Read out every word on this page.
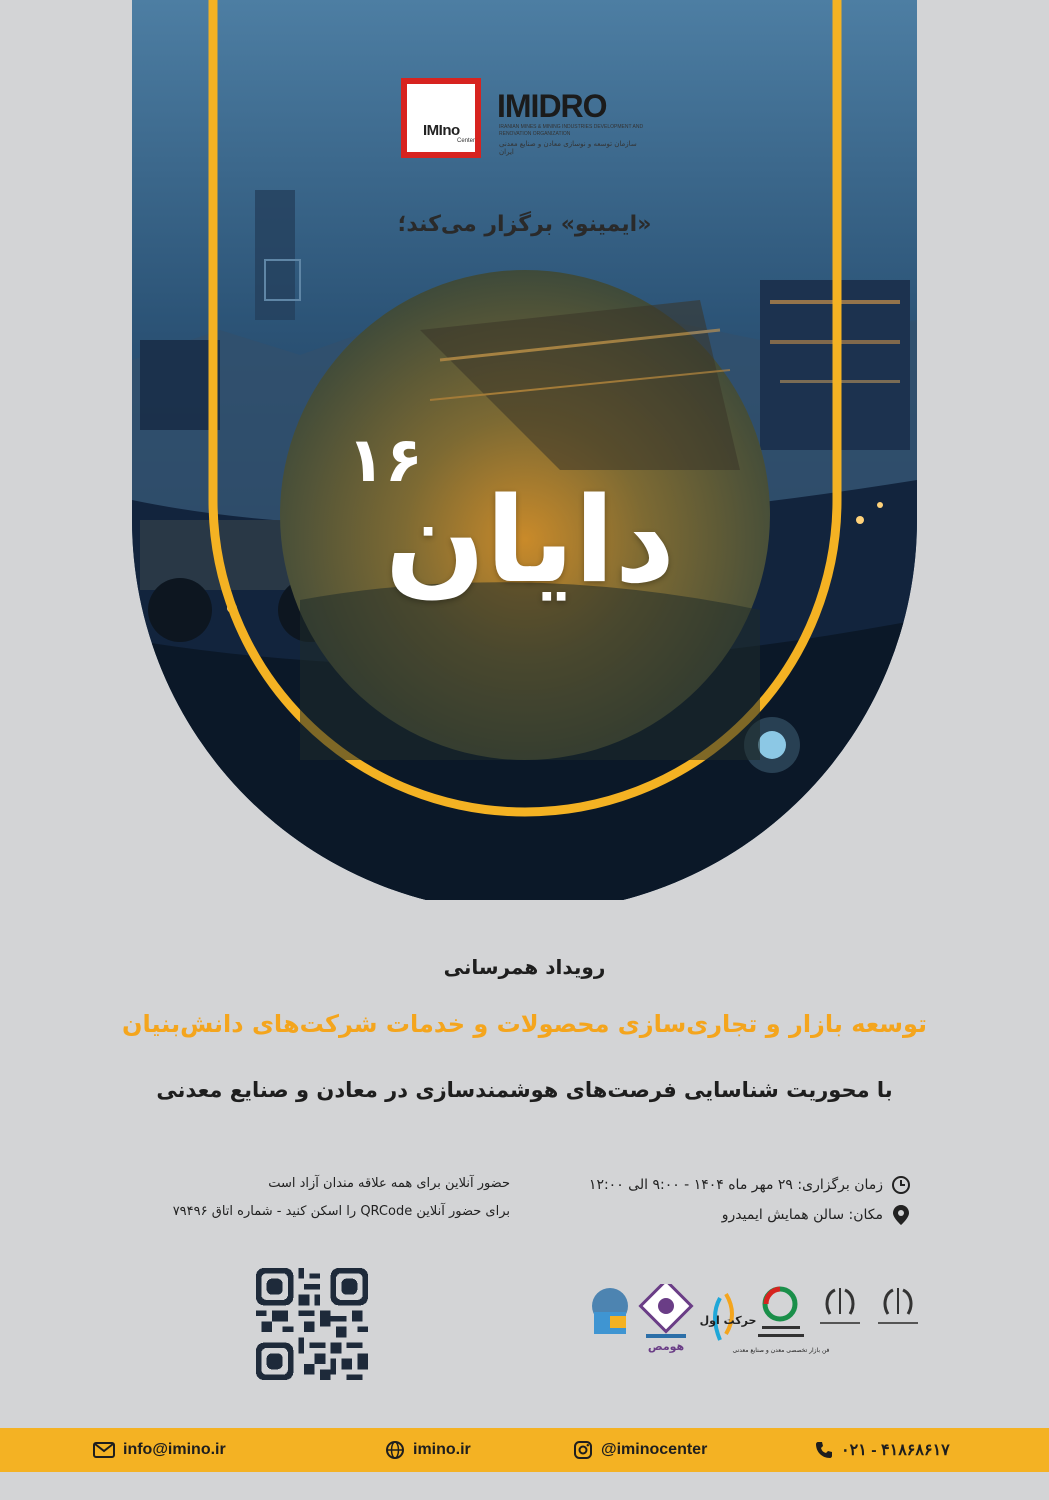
IMIno
Center
IMIDRO
IRANIAN MINES & MINING INDUSTRIES DEVELOPMENT AND RENOVATION ORGANIZATION
سازمان توسعه و نوسازی معادن و صنایع معدنی ایران
«ایمینو» برگزار می‌کند؛
دایان
۱۶
رویداد همرسانی
توسعه بازار و تجاری‌سازی محصولات و خدمات شرکت‌های دانش‌بنیان
با محوریت شناسایی فرصت‌های هوشمندسازی در معادن و صنایع معدنی
زمان برگزاری: ۲۹ مهر ماه ۱۴۰۴ - ۹:۰۰ الی ۱۲:۰۰
مکان: سالن همایش ایمیدرو
حضور آنلاین برای همه علاقه مندان آزاد است
برای حضور آنلاین QRCode را اسکن کنید - شماره اتاق ۷۹۴۹۶
فن بازار تخصصی معدن و صنایع معدنی
حرکت اول
هومص
info@imino.ir	imino.ir	@iminocenter	۰۲۱ - ۴۱۸۶۸۶۱۷
